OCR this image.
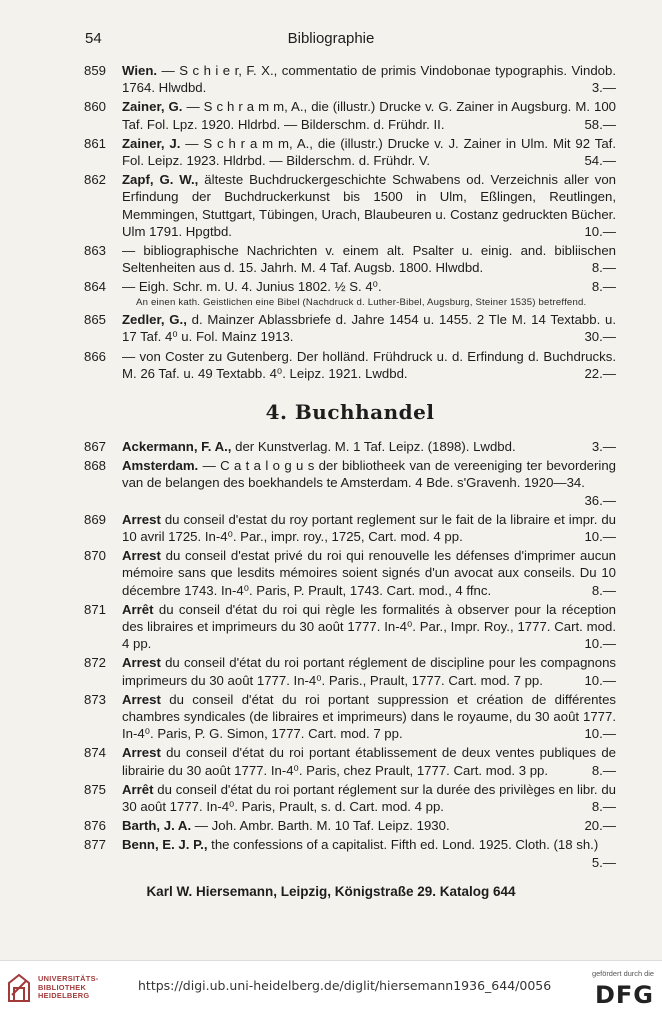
54	Bibliographie
859	Wien. — S c h i e r, F. X., commentatio de primis Vindobonae typographis. Vindob. 1764. Hlwdbd.	3.—
860	Zainer, G. — S c h r a m m, A., die (illustr.) Drucke v. G. Zainer in Augsburg. M. 100 Taf. Fol. Lpz. 1920. Hldrbd. — Bilderschm. d. Frühdr. II.	58.—
861	Zainer, J. — S c h r a m m, A., die (illustr.) Drucke v. J. Zainer in Ulm. Mit 92 Taf. Fol. Leipz. 1923. Hldrbd. — Bilderschm. d. Frühdr. V.	54.—
862	Zapf, G. W., älteste Buchdruckergeschichte Schwabens od. Verzeichnis aller von Erfindung der Buchdruckerkunst bis 1500 in Ulm, Eßlingen, Reutlingen, Memmingen, Stuttgart, Tübingen, Urach, Blaubeuren u. Costanz gedruckten Bücher. Ulm 1791. Hpgtbd.	10.—
863	— bibliographische Nachrichten v. einem alt. Psalter u. einig. and. bibliischen Seltenheiten aus d. 15. Jahrh. M. 4 Taf. Augsb. 1800. Hlwdbd.	8.—
864	— Eigh. Schr. m. U. 4. Junius 1802. ½ S. 4⁰.	8.—
An einen kath. Geistlichen eine Bibel (Nachdruck d. Luther-Bibel, Augsburg, Steiner 1535) betreffend.
865	Zedler, G., d. Mainzer Ablassbriefe d. Jahre 1454 u. 1455. 2 Tle M. 14 Textabb. u. 17 Taf. 4⁰ u. Fol. Mainz 1913.	30.—
866	— von Coster zu Gutenberg. Der holländ. Frühdruck u. d. Erfindung d. Buchdrucks. M. 26 Taf. u. 49 Textabb. 4⁰. Leipz. 1921. Lwdbd.	22.—
4. Buchhandel
867	Ackermann, F. A., der Kunstverlag. M. 1 Taf. Leipz. (1898). Lwdbd.	3.—
868	Amsterdam. — C a t a l o g u s der bibliotheek van de vereeniging ter bevordering van de belangen des boekhandels te Amsterdam. 4 Bde. s'Gravenh. 1920—34.
36.—
869	Arrest du conseil d'estat du roy portant reglement sur le fait de la libraire et impr. du 10 avril 1725. In-4⁰. Par., impr. roy., 1725, Cart. mod. 4 pp.	10.—
870	Arrest du conseil d'estat privé du roi qui renouvelle les défenses d'imprimer aucun mémoire sans que lesdits mémoires soient signés d'un avocat aux conseils. Du 10 décembre 1743. In-4⁰. Paris, P. Prault, 1743. Cart. mod., 4 ffnc.	8.—
871	Arrêt du conseil d'état du roi qui règle les formalités à observer pour la réception des libraires et imprimeurs du 30 août 1777. In-4⁰. Par., Impr. Roy., 1777. Cart. mod. 4 pp.	10.—
872	Arrest du conseil d'état du roi portant réglement de discipline pour les compagnons imprimeurs du 30 août 1777. In-4⁰. Paris., Prault, 1777. Cart. mod. 7 pp.	10.—
873	Arrest du conseil d'état du roi portant suppression et création de différentes chambres syndicales (de libraires et imprimeurs) dans le royaume, du 30 août 1777. In-4⁰. Paris, P. G. Simon, 1777. Cart. mod. 7 pp.	10.—
874	Arrest du conseil d'état du roi portant établissement de deux ventes publiques de librairie du 30 août 1777. In-4⁰. Paris, chez Prault, 1777. Cart. mod. 3 pp.	8.—
875	Arrêt du conseil d'état du roi portant réglement sur la durée des privilèges en libr. du 30 août 1777. In-4⁰. Paris, Prault, s. d. Cart. mod. 4 pp.	8.—
876	Barth, J. A. — Joh. Ambr. Barth. M. 10 Taf. Leipz. 1930.	20.—
877	Benn, E. J. P., the confessions of a capitalist. Fifth ed. Lond. 1925. Cloth. (18 sh.)
5.—
Karl W. Hiersemann, Leipzig, Königstraße 29. Katalog 644
UNIVERSITÄTS-
BIBLIOTHEK
HEIDELBERG
https://digi.ub.uni-heidelberg.de/diglit/hiersemann1936_644/0056
gefördert durch die
DFG
